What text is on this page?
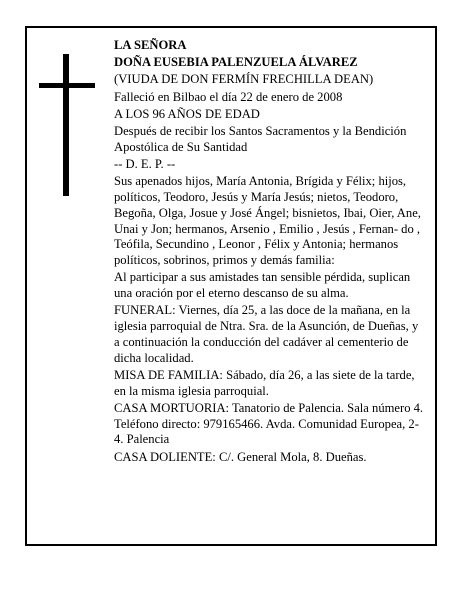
LA SEÑORA
DOÑA EUSEBIA PALENZUELA ÁLVAREZ
(VIUDA DE DON FERMÍN FRECHILLA DEAN)
Falleció en Bilbao el día 22 de enero de 2008
A LOS 96 AÑOS DE EDAD
Después de recibir los Santos Sacramentos y la Bendición Apostólica de Su Santidad
-- D. E. P. --
Sus apenados hijos, María Antonia, Brígida y Félix; hijos, políticos, Teodoro, Jesús y María Jesús; nietos, Teodoro, Begoña, Olga, Josue y José Ángel; bisnietos, Ibai, Oier, Ane, Unai y Jon; hermanos, Arsenio , Emilio , Jesús , Fernan- do , Teófila, Secundino , Leonor , Félix y Antonia; hermanos políticos, sobrinos, primos y demás familia:
Al participar a sus amistades tan sensible pérdida, suplican una oración por el eterno descanso de su alma.
FUNERAL: Viernes, día 25, a las doce de la mañana, en la iglesia parroquial de Ntra. Sra. de la Asunción, de Dueñas, y a continuación la conducción del cadáver al cementerio de dicha localidad.
MISA DE FAMILIA: Sábado, día 26, a las siete de la tarde, en la misma iglesia parroquial.
CASA MORTUORIA: Tanatorio de Palencia. Sala número 4. Teléfono directo: 979165466. Avda. Comunidad Europea, 2-4. Palencia
CASA DOLIENTE: C/. General Mola, 8. Dueñas.
